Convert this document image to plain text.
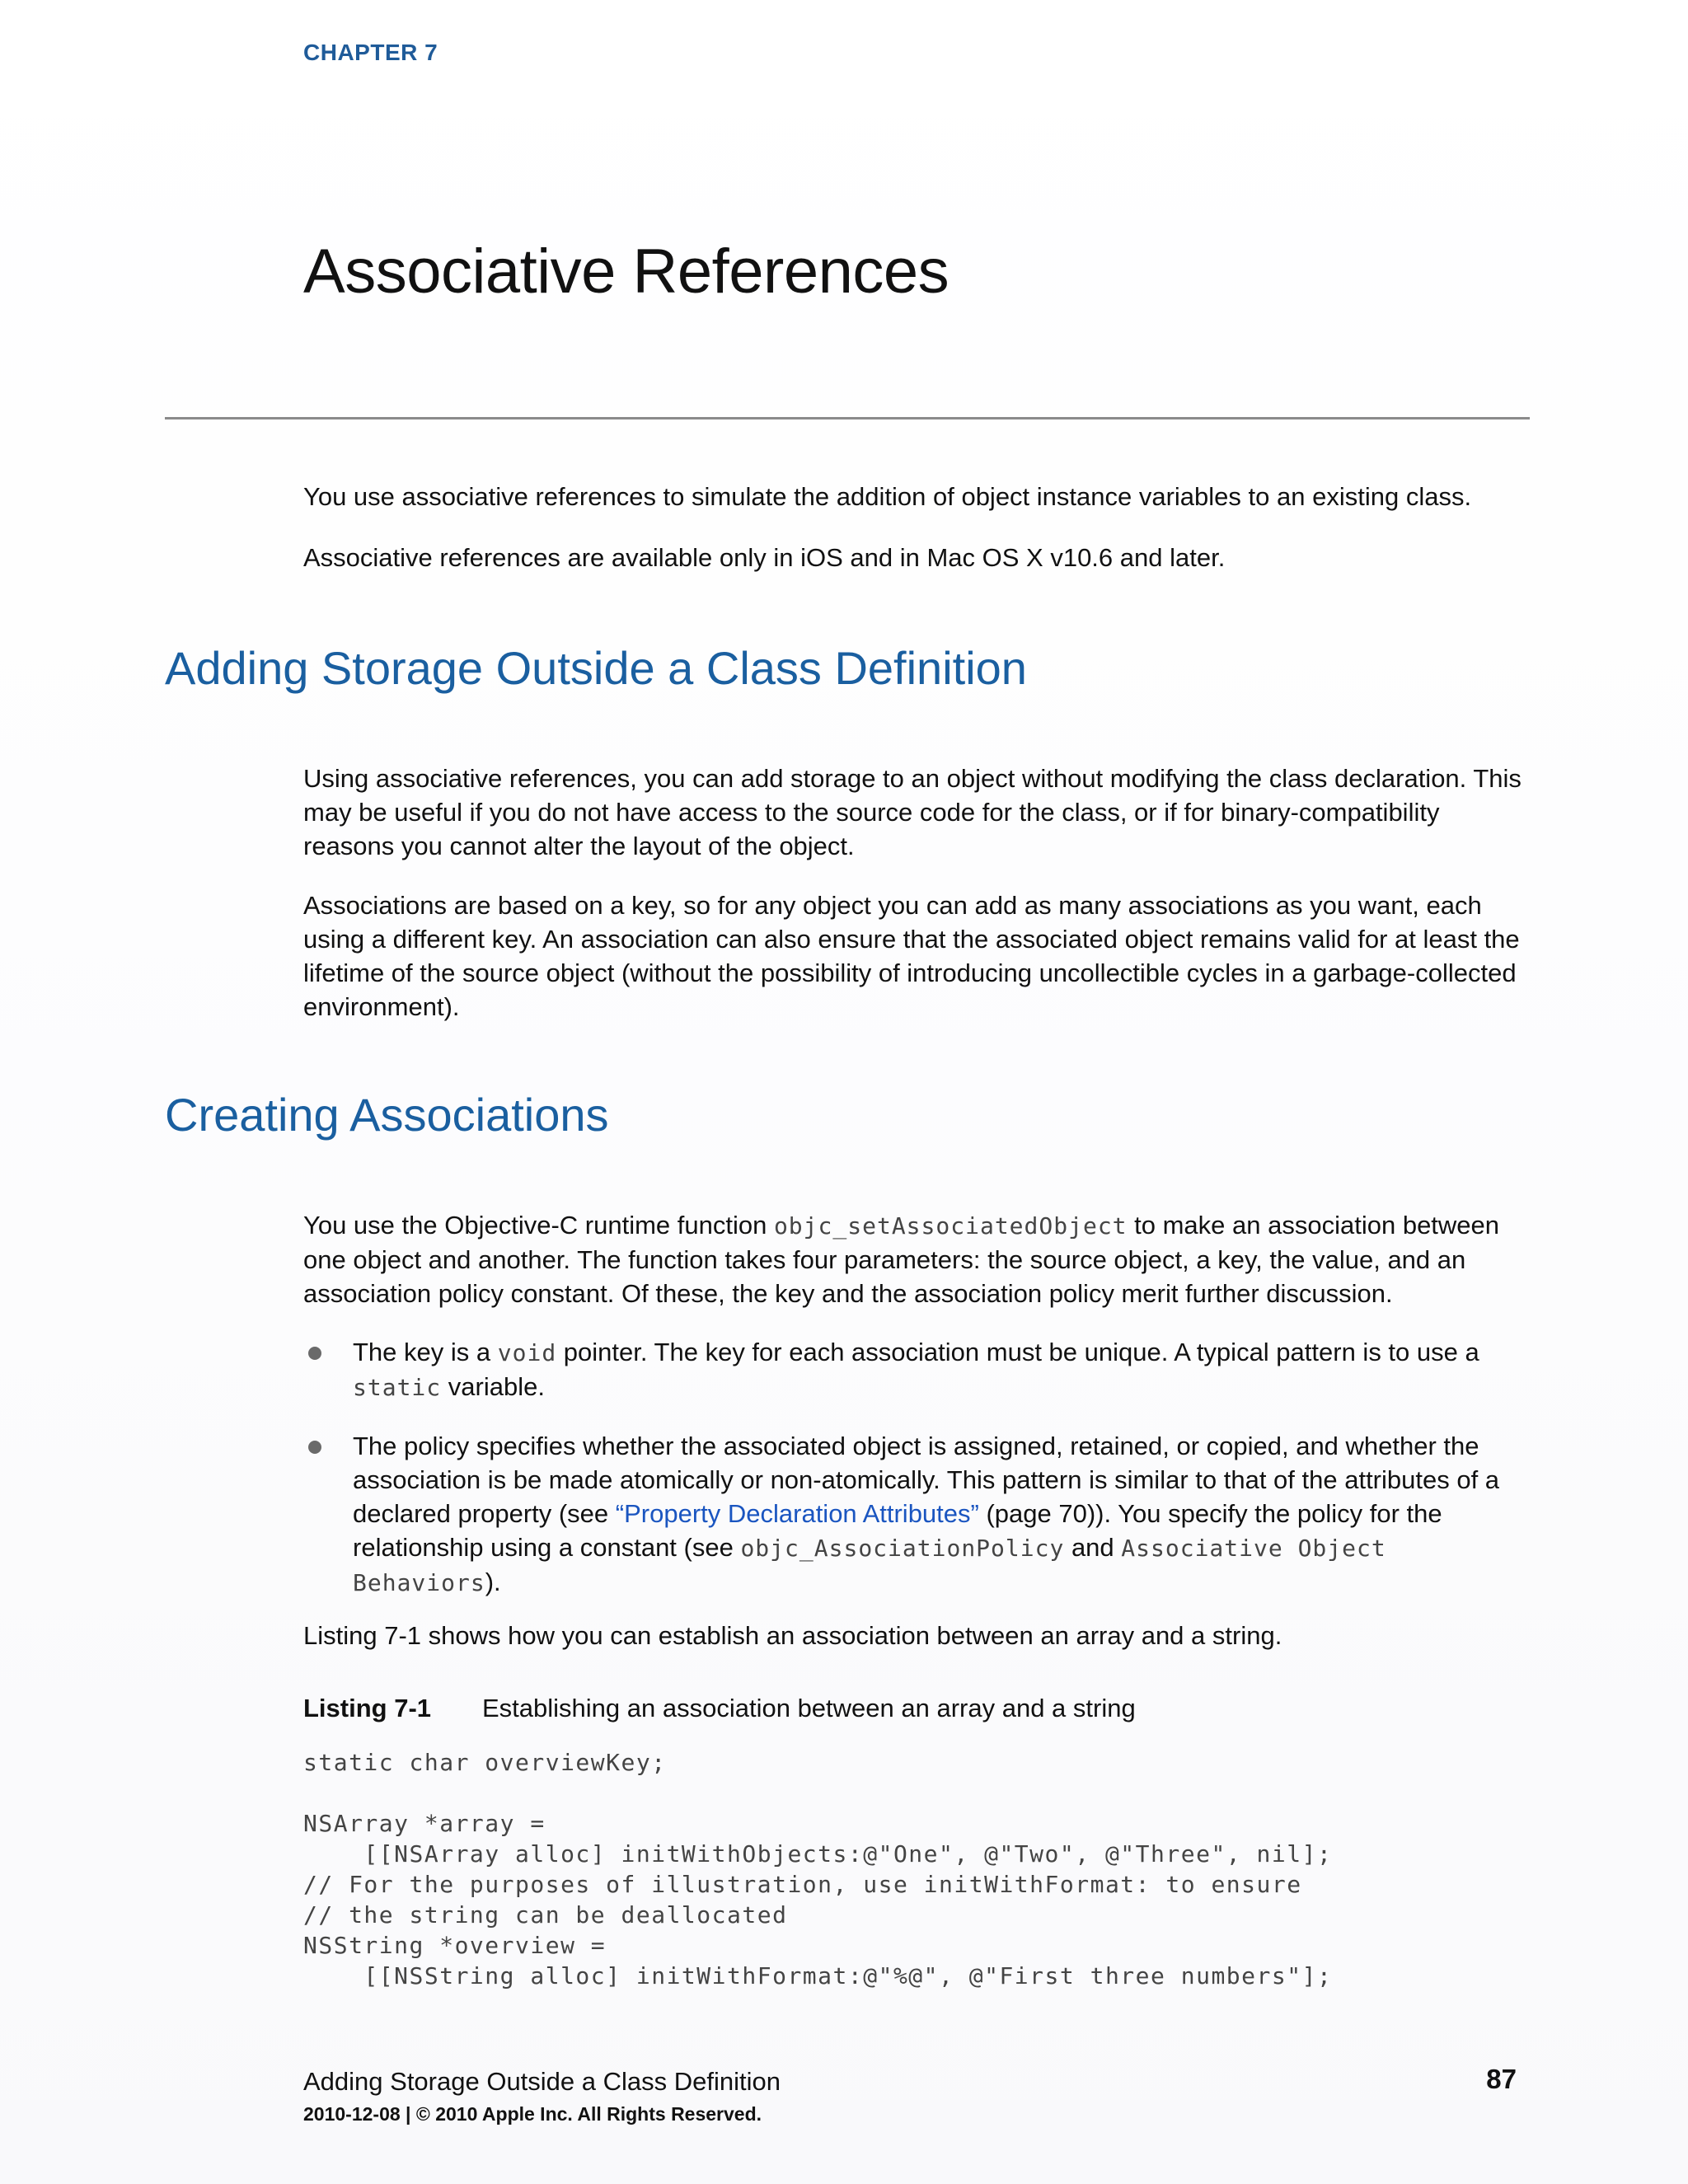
CHAPTER 7
Associative References

You use associative references to simulate the addition of object instance variables to an existing class.

Associative references are available only in iOS and in Mac OS X v10.6 and later.

Adding Storage Outside a Class Definition

Using associative references, you can add storage to an object without modifying the class declaration. This may be useful if you do not have access to the source code for the class, or if for binary-compatibility reasons you cannot alter the layout of the object.

Associations are based on a key, so for any object you can add as many associations as you want, each using a different key. An association can also ensure that the associated object remains valid for at least the lifetime of the source object (without the possibility of introducing uncollectible cycles in a garbage-collected environment).

Creating Associations

You use the Objective-C runtime function objc_setAssociatedObject to make an association between one object and another. The function takes four parameters: the source object, a key, the value, and an association policy constant. Of these, the key and the association policy merit further discussion.

The key is a void pointer. The key for each association must be unique. A typical pattern is to use a static variable.
The policy specifies whether the associated object is assigned, retained, or copied, and whether the association is be made atomically or non-atomically. This pattern is similar to that of the attributes of a declared property (see “Property Declaration Attributes” (page 70)). You specify the policy for the relationship using a constant (see objc_AssociationPolicy and Associative Object Behaviors).

Listing 7-1 shows how you can establish an association between an array and a string.

Listing 7-1 Establishing an association between an array and a string

static char overviewKey;

NSArray *array =
[[NSArray alloc] initWithObjects:@"One", @"Two", @"Three", nil];
// For the purposes of illustration, use initWithFormat: to ensure
// the string can be deallocated
NSString *overview =
[[NSString alloc] initWithFormat:@"%@", @"First three numbers"];
Adding Storage Outside a Class Definition	87
2010-12-08 | © 2010 Apple Inc. All Rights Reserved.
